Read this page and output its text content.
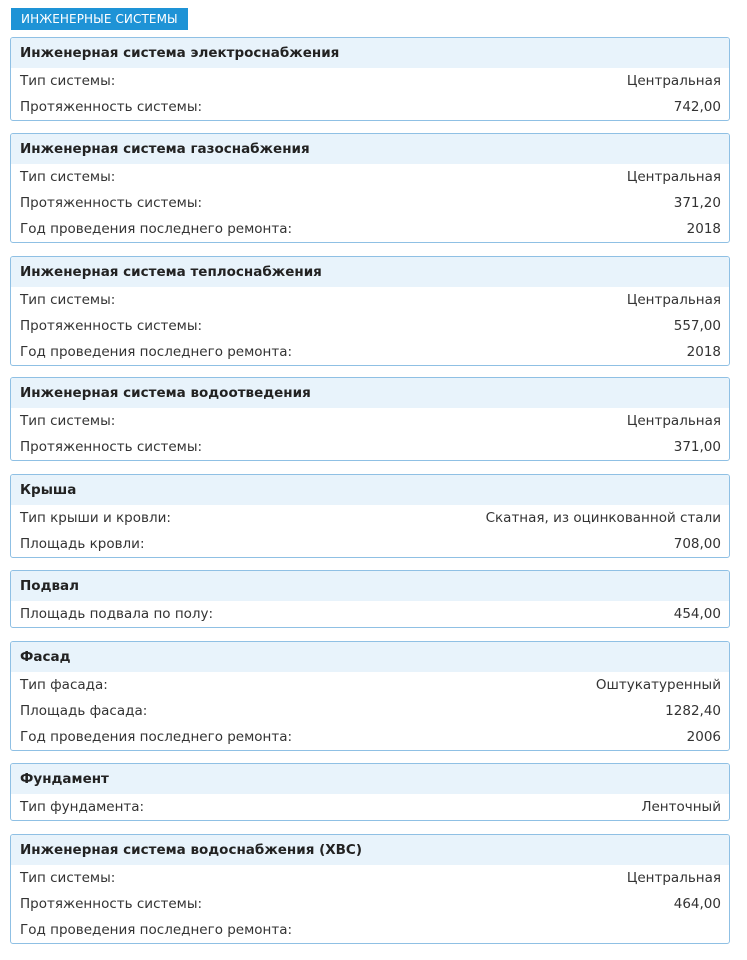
ИНЖЕНЕРНЫЕ СИСТЕМЫ
Инженерная система электроснабжения
Тип системы:	Центральная
Протяженность системы:	742,00
Инженерная система газоснабжения
Тип системы:	Центральная
Протяженность системы:	371,20
Год проведения последнего ремонта:	2018
Инженерная система теплоснабжения
Тип системы:	Центральная
Протяженность системы:	557,00
Год проведения последнего ремонта:	2018
Инженерная система водоотведения
Тип системы:	Центральная
Протяженность системы:	371,00
Крыша
Тип крыши и кровли:	Скатная, из оцинкованной стали
Площадь кровли:	708,00
Подвал
Площадь подвала по полу:	454,00
Фасад
Тип фасада:	Оштукатуренный
Площадь фасада:	1282,40
Год проведения последнего ремонта:	2006
Фундамент
Тип фундамента:	Ленточный
Инженерная система водоснабжения (ХВС)
Тип системы:	Центральная
Протяженность системы:	464,00
Год проведения последнего ремонта:
